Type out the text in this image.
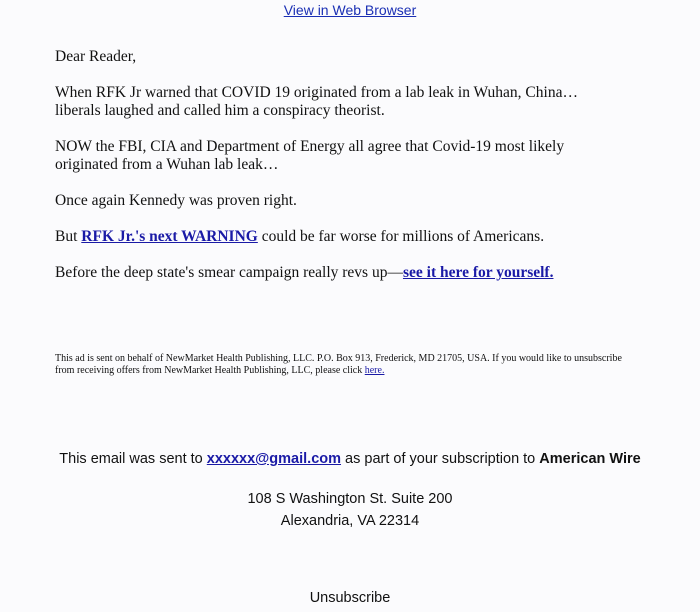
View in Web Browser

Dear Reader,

When RFK Jr warned that COVID 19 originated from a lab leak in Wuhan, China…
liberals laughed and called him a conspiracy theorist.

NOW the FBI, CIA and Department of Energy all agree that Covid-19 most likely
originated from a Wuhan lab leak…

Once again Kennedy was proven right.

But RFK Jr.'s next WARNING could be far worse for millions of Americans.

Before the deep state's smear campaign really revs up—see it here for yourself.

This ad is sent on behalf of NewMarket Health Publishing, LLC. P.O. Box 913, Frederick, MD 21705, USA. If you would like to unsubscribe from receiving offers from NewMarket Health Publishing, LLC, please click here.
This email was sent to xxxxxx@gmail.com as part of your subscription to American Wire
108 S Washington St. Suite 200
Alexandria, VA 22314
Unsubscribe
